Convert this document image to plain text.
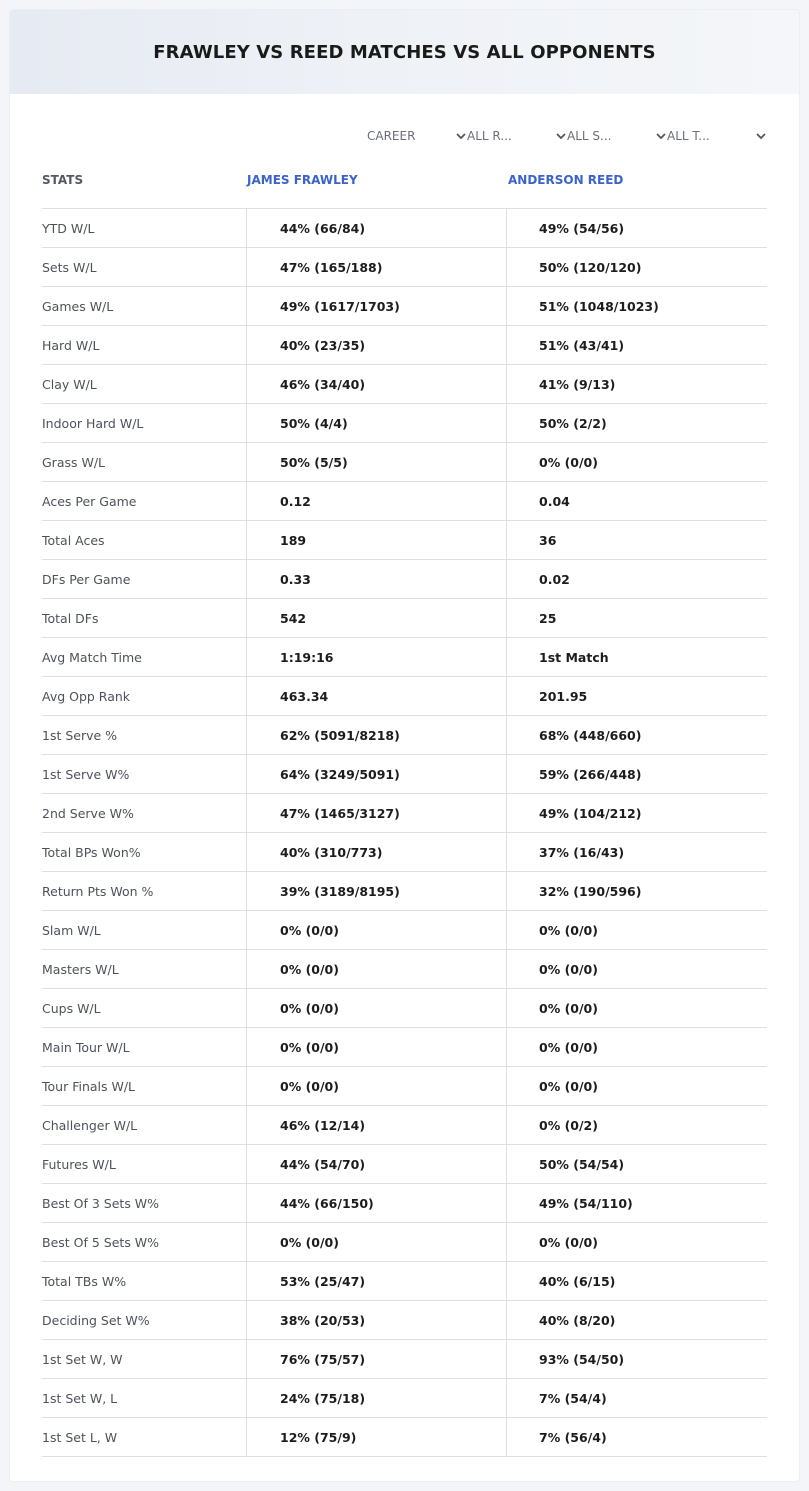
FRAWLEY VS REED MATCHES VS ALL OPPONENTS
CAREER	ALL R...	ALL S...	ALL T...
STATS	JAMES FRAWLEY	ANDERSON REED
YTD W/L	44% (66/84)	49% (54/56)
Sets W/L	47% (165/188)	50% (120/120)
Games W/L	49% (1617/1703)	51% (1048/1023)
Hard W/L	40% (23/35)	51% (43/41)
Clay W/L	46% (34/40)	41% (9/13)
Indoor Hard W/L	50% (4/4)	50% (2/2)
Grass W/L	50% (5/5)	0% (0/0)
Aces Per Game	0.12	0.04
Total Aces	189	36
DFs Per Game	0.33	0.02
Total DFs	542	25
Avg Match Time	1:19:16	1st Match
Avg Opp Rank	463.34	201.95
1st Serve %	62% (5091/8218)	68% (448/660)
1st Serve W%	64% (3249/5091)	59% (266/448)
2nd Serve W%	47% (1465/3127)	49% (104/212)
Total BPs Won%	40% (310/773)	37% (16/43)
Return Pts Won %	39% (3189/8195)	32% (190/596)
Slam W/L	0% (0/0)	0% (0/0)
Masters W/L	0% (0/0)	0% (0/0)
Cups W/L	0% (0/0)	0% (0/0)
Main Tour W/L	0% (0/0)	0% (0/0)
Tour Finals W/L	0% (0/0)	0% (0/0)
Challenger W/L	46% (12/14)	0% (0/2)
Futures W/L	44% (54/70)	50% (54/54)
Best Of 3 Sets W%	44% (66/150)	49% (54/110)
Best Of 5 Sets W%	0% (0/0)	0% (0/0)
Total TBs W%	53% (25/47)	40% (6/15)
Deciding Set W%	38% (20/53)	40% (8/20)
1st Set W, W	76% (75/57)	93% (54/50)
1st Set W, L	24% (75/18)	7% (54/4)
1st Set L, W	12% (75/9)	7% (56/4)
